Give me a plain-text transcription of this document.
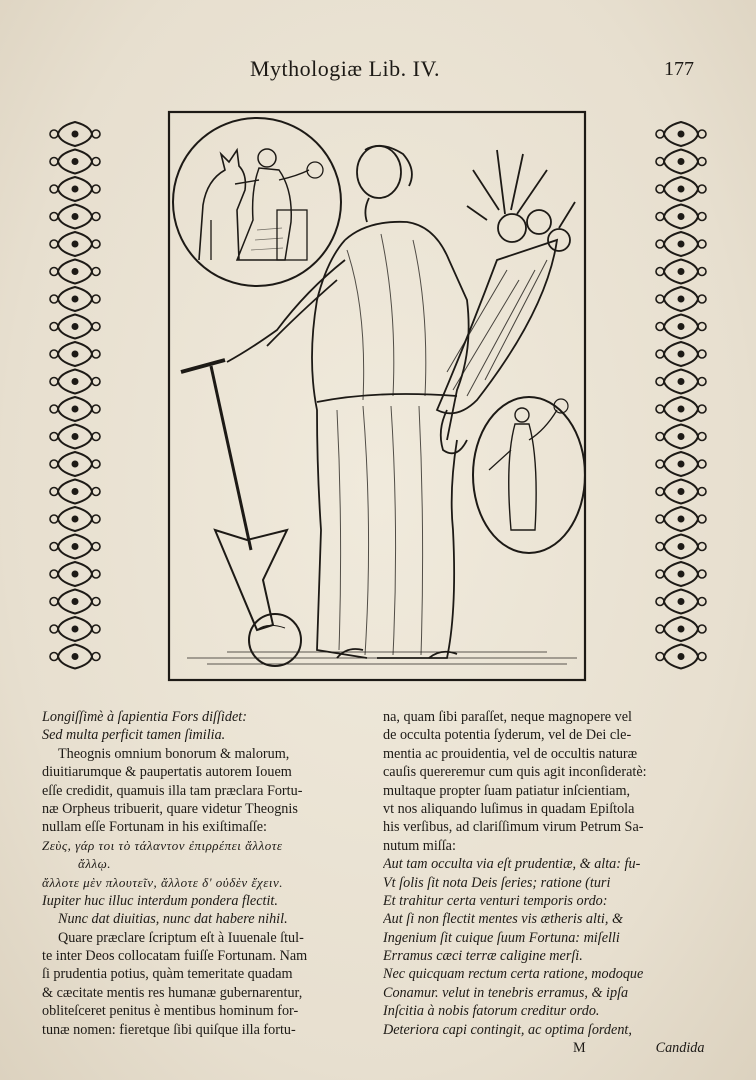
Mythologiæ Lib. IV.	177
Longiſſimè à ſapientia Fors diſſidet:
Sed multa perficit tamen ſimilia.
Theognis omnium bonorum & malorum,
diuitiarumque & paupertatis autorem Iouem
eſſe credidit, quamuis illa tam præclara Fortu-
næ Orpheus tribuerit, quare videtur Theognis
nullam eſſe Fortunam in his exiſtimaſſe:
Ζεὺς, γάρ τοι τὸ τάλαντον ἐπιρρέπει ἄλλοτε
ἄλλῳ.
ἄλλοτε μὲν πλουτεῖν, ἄλλοτε δ' οὐδὲν ἔχειν.
Iupiter huc illuc interdum pondera flectit.
Nunc dat diuitias, nunc dat habere nihil.
Quare præclare ſcriptum eſt à Iuuenale ſtul-
te inter Deos collocatam fuiſſe Fortunam. Nam
ſi prudentia potius, quàm temeritate quadam
& cæcitate mentis res humanæ gubernarentur,
obliteſceret penitus è mentibus hominum for-
tunæ nomen: fieretque ſibi quiſque illa fortu-
na, quam ſibi paraſſet, neque magnopere vel
de occulta potentia ſyderum, vel de Dei cle-
mentia ac prouidentia, vel de occultis naturæ
cauſis quereremur cum quis agit inconſideratè:
multaque propter ſuam patiatur inſcientiam,
vt nos aliquando luſimus in quadam Epiſtola
his verſibus, ad clariſſimum virum Petrum Sa-
nutum miſſa:
Aut tam occulta via eſt prudentiæ, & alta: fu-
Vt ſolis ſit nota Deis ſeries; ratione (turi
Et trahitur certa venturi temporis ordo:
Aut ſi non flectit mentes vis ætheris alti, &
Ingenium ſit cuique ſuum Fortuna: miſelli
Erramus cæci terræ caligine merſi.
Nec quicquam rectum certa ratione, modoque
Conamur. velut in tenebris erramus, & ipſa
Inſcitia à nobis fatorum creditur ordo.
Deteriora capi contingit, ac optima ſordent,
M	Candida
